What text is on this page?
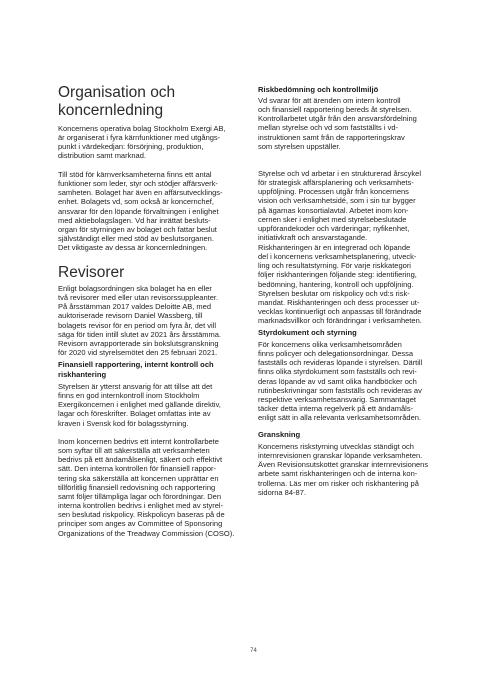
Organisation och
koncernledning

Koncernens operativa bolag Stockholm Exergi AB,
är organiserat i fyra kärnfunktioner med utgångs-
punkt i värdekedjan: försörjning, produktion,
distribution samt marknad.

Till stöd för kärnverksamheterna finns ett antal
funktioner som leder, styr och stödjer affärsverk-
samheten. Bolaget har även en affärsutvecklings-
enhet. Bolagets vd, som också är koncernchef,
ansvarar för den löpande förvaltningen i enlighet
med aktiebolagslagen. Vd har inrättat besluts-
organ för styrningen av bolaget och fattar beslut
självständigt eller med stöd av beslutsorganen.
Det viktigaste av dessa är koncernledningen.

Revisorer

Enligt bolagsordningen ska bolaget ha en eller
två revisorer med eller utan revisorssuppleanter.
På årsstämman 2017 valdes Deloitte AB, med
auktoriserade revisorn Daniel Wassberg, till
bolagets revisor för en period om fyra år, det vill
säga för tiden intill slutet av 2021 års årsstämma.
Revisorn avrapporterade sin bokslutsgranskning
för 2020 vid styrelsemötet den 25 februari 2021.

Finansiell rapportering, internt kontroll och
riskhantering

Styrelsen är ytterst ansvarig för att tillse att det
finns en god internkontroll inom Stockholm
Exergikoncernen i enlighet med gällande direktiv,
lagar och föreskrifter. Bolaget omfattas inte av
kraven i Svensk kod för bolagsstyrning.

Inom koncernen bedrivs ett internt kontrollarbete
som syftar till att säkerställa att verksamheten
bedrivs på ett ändamålsenligt, säkert och effektivt
sätt. Den interna kontrollen för finansiell rappor-
tering ska säkerställa att koncernen upprättar en
tillförlitlig finansiell redovisning och rapportering
samt följer tillämpliga lagar och förordningar. Den
interna kontrollen bedrivs i enlighet med av styrel-
sen beslutad riskpolicy. Riskpolicyn baseras på de
principer som anges av Committee of Sponsoring
Organizations of the Treadway Commission (COSO).

Riskbedömning och kontrollmiljö

Vd svarar för att ärenden om intern kontroll
och finansiell rapportering bereds åt styrelsen.
Kontrollarbetet utgår från den ansvarsfördelning
mellan styrelse och vd som fastställts i vd-
instruktionen samt från de rapporteringskrav
som styrelsen uppställer.

Styrelse och vd arbetar i en strukturerad årscykel
för strategisk affärsplanering och verksamhets-
uppföljning. Processen utgår från koncernens
vision och verksamhetsidé, som i sin tur bygger
på ägarnas konsortialavtal. Arbetet inom kon-
cernen sker i enlighet med styrelsebeslutade
uppförandekoder och värderingar; nyfikenhet,
initiativkraft och ansvarstagande.

Riskhanteringen är en integrerad och löpande
del i koncernens verksamhetsplanering, utveck-
ling och resultatstyrning. För varje riskkategori
följer riskhanteringen följande steg: identifiering,
bedömning, hantering, kontroll och uppföljning.
Styrelsen beslutar om riskpolicy och vd:s risk-
mandat. Riskhanteringen och dess processer ut-
vecklas kontinuerligt och anpassas till förändrade
marknadsvillkor och förändringar i verksamheten.

Styrdokument och styrning

För koncernens olika verksamhetsområden
finns policyer och delegationsordningar. Dessa
fastställs och revideras löpande i styrelsen. Därtill
finns olika styrdokument som fastställs och revi-
deras löpande av vd samt olika handböcker och
rutinbeskrivningar som fastställs och revideras av
respektive verksamhetsansvarig. Sammantaget
täcker detta interna regelverk på ett ändamåls-
enligt sätt in alla relevanta verksamhetsområden.

Granskning

Koncernens riskstyrning utvecklas ständigt och
internrevisionen granskar löpande verksamheten.
Även Revisionsutskottet granskar internrevisionens
arbete samt riskhanteringen och de interna kon-
trollerna. Läs mer om risker och riskhantering på
sidorna 84-87.

74
